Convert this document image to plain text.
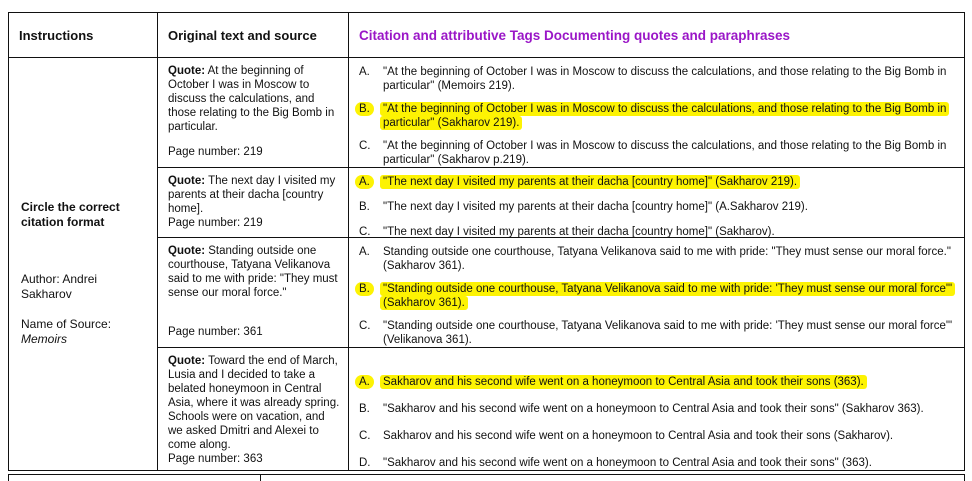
Instructions	Original text and source	Citation and attributive Tags Documenting quotes and paraphrases
Circle the correct citation format
Author: Andrei Sakharov
Name of Source:
Memoirs
Quote: At the beginning of October I was in Moscow to discuss the calculations, and those relating to the Big Bomb in particular.
Page number: 219
A.	"At the beginning of October I was in Moscow to discuss the calculations, and those relating to the Big Bomb in particular" (Memoirs 219).
B.	"At the beginning of October I was in Moscow to discuss the calculations, and those relating to the Big Bomb in particular" (Sakharov 219).
C.	"At the beginning of October I was in Moscow to discuss the calculations, and those relating to the Big Bomb in particular" (Sakharov p.219).
Quote: The next day I visited my parents at their dacha [country home].
Page number: 219
A.	"The next day I visited my parents at their dacha [country home]" (Sakharov 219).
B.	"The next day I visited my parents at their dacha [country home]" (A.Sakharov 219).
C.	"The next day I visited my parents at their dacha [country home]" (Sakharov).
Quote: Standing outside one courthouse, Tatyana Velikanova said to me with pride: "They must sense our moral force."
Page number: 361
A.	Standing outside one courthouse, Tatyana Velikanova said to me with pride: "They must sense our moral force." (Sakharov 361).
B.	"Standing outside one courthouse, Tatyana Velikanova said to me with pride: 'They must sense our moral force'" (Sakharov 361).
C.	"Standing outside one courthouse, Tatyana Velikanova said to me with pride: 'They must sense our moral force'" (Velikanova 361).
Quote: Toward the end of March, Lusia and I decided to take a belated honeymoon in Central Asia, where it was already spring. Schools were on vacation, and we asked Dmitri and Alexei to come along.
Page number: 363
A.	Sakharov and his second wife went on a honeymoon to Central Asia and took their sons (363).
B.	"Sakharov and his second wife went on a honeymoon to Central Asia and took their sons" (Sakharov 363).
C.	Sakharov and his second wife went on a honeymoon to Central Asia and took their sons (Sakharov).
D.	"Sakharov and his second wife went on a honeymoon to Central Asia and took their sons" (363).
